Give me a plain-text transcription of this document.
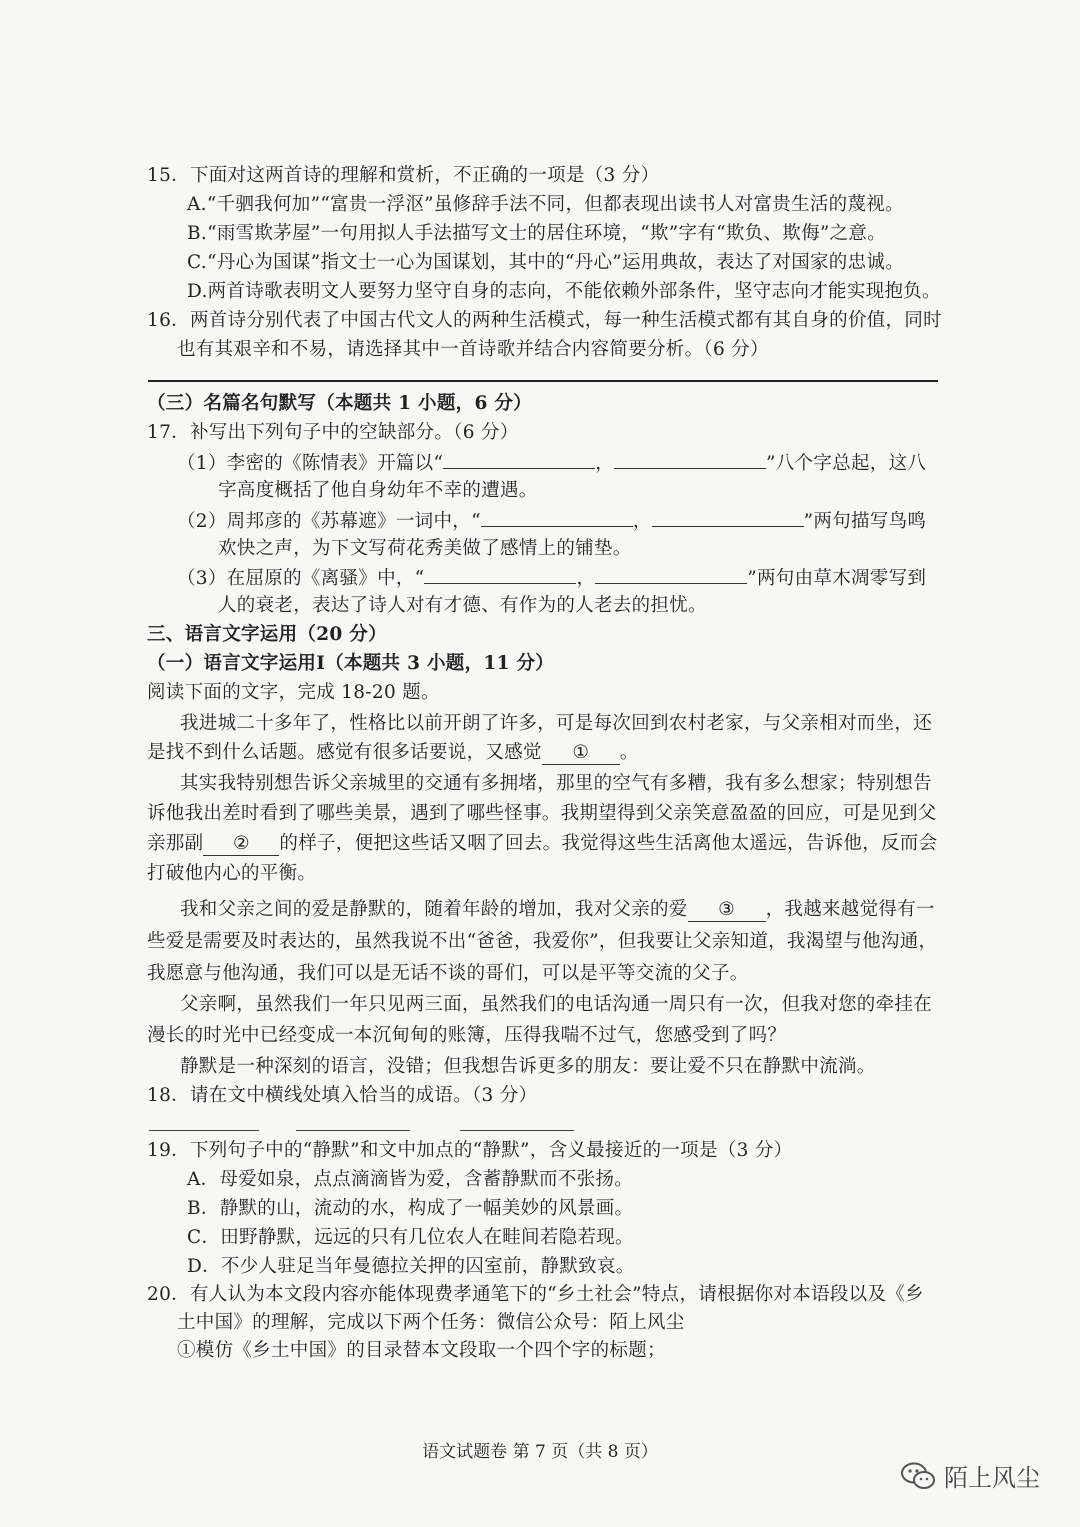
15．下面对这两首诗的理解和赏析，不正确的一项是（3 分）
A.“千驷我何加”“富贵一浮沤”虽修辞手法不同，但都表现出读书人对富贵生活的蔑视。
B.“雨雪欺茅屋”一句用拟人手法描写文士的居住环境，“欺”字有“欺负、欺侮”之意。
C.“丹心为国谋”指文士一心为国谋划，其中的“丹心”运用典故，表达了对国家的忠诚。
D.两首诗歌表明文人要努力坚守自身的志向，不能依赖外部条件，坚守志向才能实现抱负。
16．两首诗分别代表了中国古代文人的两种生活模式，每一种生活模式都有其自身的价值，同时
也有其艰辛和不易，请选择其中一首诗歌并结合内容简要分析。（6 分）
（三）名篇名句默写（本题共 1 小题，6 分）
17．补写出下列句子中的空缺部分。（6 分）
（1）李密的《陈情表》开篇以“	，	”八个字总起，这八
字高度概括了他自身幼年不幸的遭遇。
（2）周邦彦的《苏幕遮》一词中，“	，	”两句描写鸟鸣
欢快之声，为下文写荷花秀美做了感情上的铺垫。
（3）在屈原的《离骚》中，“	，	”两句由草木凋零写到
人的衰老，表达了诗人对有才德、有作为的人老去的担忧。
三、语言文字运用（20 分）
（一）语言文字运用Ⅰ（本题共 3 小题，11 分）
阅读下面的文字，完成 18-20 题。
我进城二十多年了，性格比以前开朗了许多，可是每次回到农村老家，与父亲相对而坐，还
是找不到什么话题。感觉有很多话要说，又感觉 ① 。
其实我特别想告诉父亲城里的交通有多拥堵，那里的空气有多糟，我有多么想家；特别想告
诉他我出差时看到了哪些美景，遇到了哪些怪事。我期望得到父亲笑意盈盈的回应，可是见到父
亲那副 ② 的样子，便把这些话又咽了回去。我觉得这些生活离他太遥远，告诉他，反而会
打破他内心的平衡。
我和父亲之间的爱是静默的，随着年龄的增加，我对父亲的爱 ③ ，我越来越觉得有一
些爱是需要及时表达的，虽然我说不出“爸爸，我爱你”，但我要让父亲知道，我渴望与他沟通，
我愿意与他沟通，我们可以是无话不谈的哥们，可以是平等交流的父子。
父亲啊，虽然我们一年只见两三面，虽然我们的电话沟通一周只有一次，但我对您的牵挂在
漫长的时光中已经变成一本沉甸甸的账簿，压得我喘不过气，您感受到了吗？
静默是一种深刻的语言，没错；但我想告诉更多的朋友：要让爱不只在静默中流淌。
18．请在文中横线处填入恰当的成语。（3 分）
19．下列句子中的“静默”和文中加点的“静默”，含义最接近的一项是（3 分）
A．母爱如泉，点点滴滴皆为爱，含蓄静默而不张扬。
B．静默的山，流动的水，构成了一幅美妙的风景画。
C．田野静默，远远的只有几位农人在畦间若隐若现。
D．不少人驻足当年曼德拉关押的囚室前，静默致哀。
20．有人认为本文段内容亦能体现费孝通笔下的“乡土社会”特点，请根据你对本语段以及《乡
土中国》的理解，完成以下两个任务：微信公众号：陌上风尘
①模仿《乡土中国》的目录替本文段取一个四个字的标题；
语文试题卷 第 7 页（共 8 页）
陌上风尘
